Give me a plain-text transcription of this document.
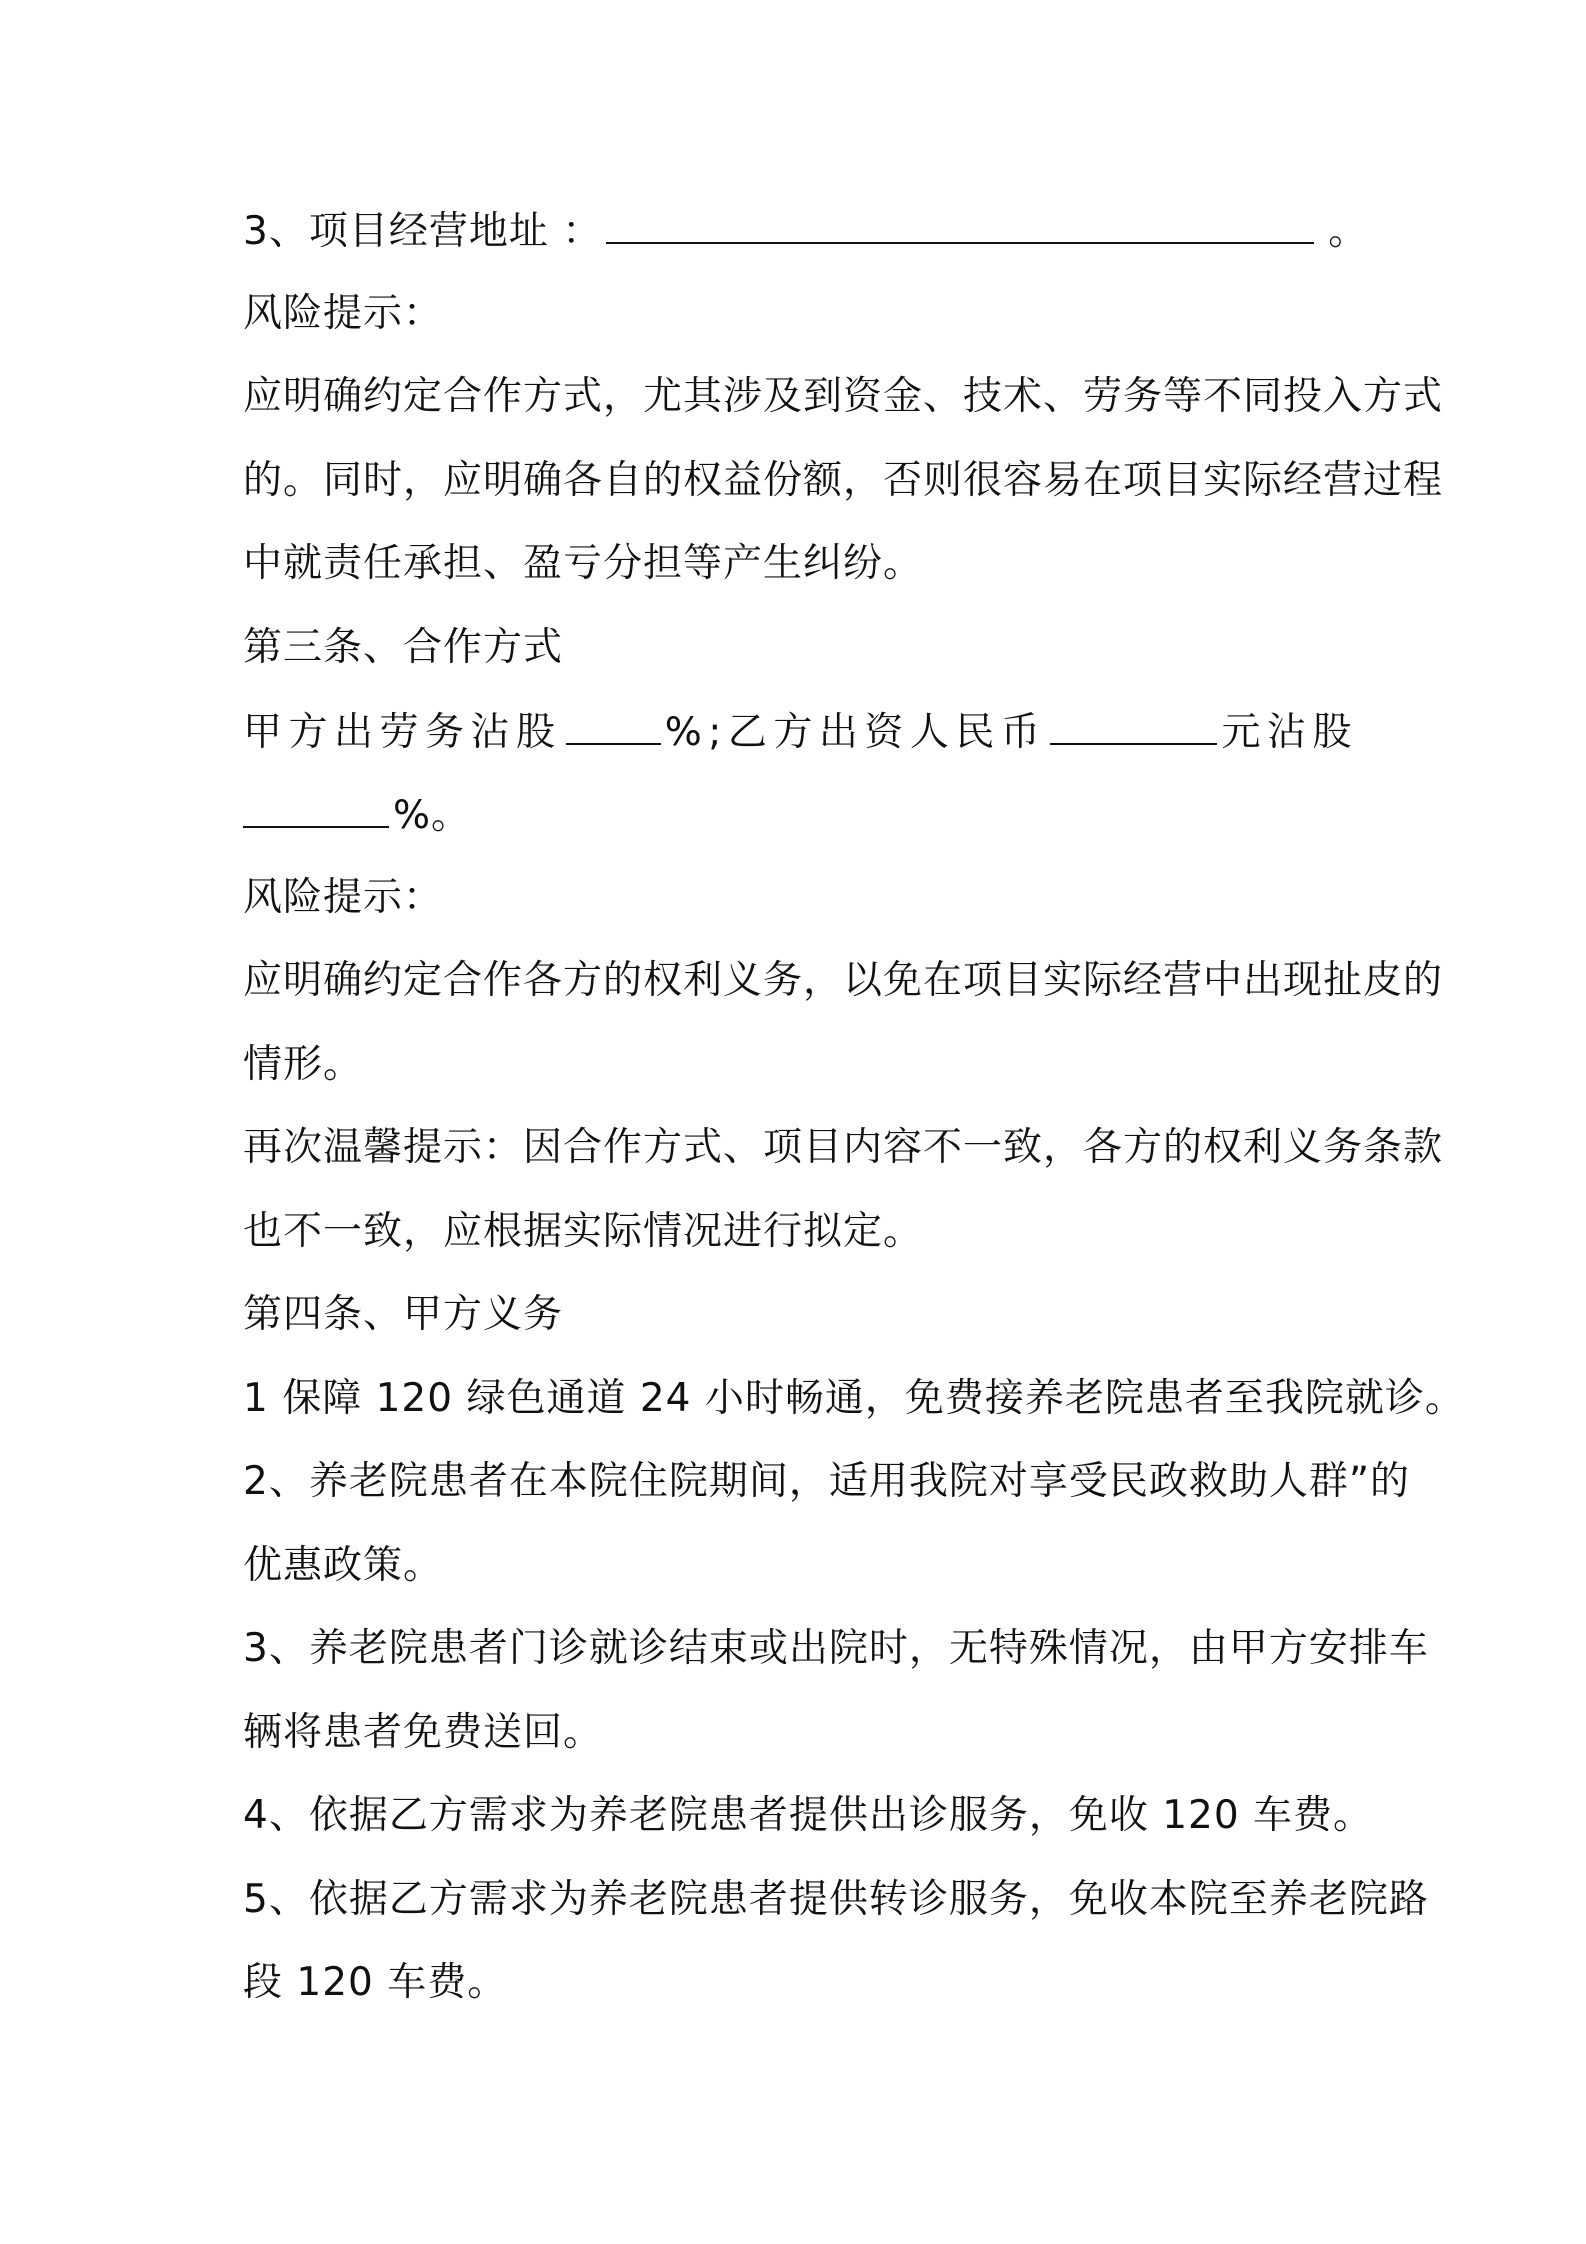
3、项目经营地址 ：	。
风险提示：
应明确约定合作方式，尤其涉及到资金、技术、劳务等不同投入方式
的。同时，应明确各自的权益份额，否则很容易在项目实际经营过程
中就责任承担、盈亏分担等产生纠纷。
第三条、合作方式
甲方出劳务沾股	%;乙方出资人民币	元沾股
%。
风险提示：
应明确约定合作各方的权利义务，以免在项目实际经营中出现扯皮的
情形。
再次温馨提示：因合作方式、项目内容不一致，各方的权利义务条款
也不一致，应根据实际情况进行拟定。
第四条、甲方义务
1 保障 120 绿色通道 24 小时畅通，免费接养老院患者至我院就诊。
2、养老院患者在本院住院期间，适用我院对享受民政救助人群”的
优惠政策。
3、养老院患者门诊就诊结束或出院时，无特殊情况，由甲方安排车
辆将患者免费送回。
4、依据乙方需求为养老院患者提供出诊服务，免收 120 车费。
5、依据乙方需求为养老院患者提供转诊服务，免收本院至养老院路
段 120 车费。
